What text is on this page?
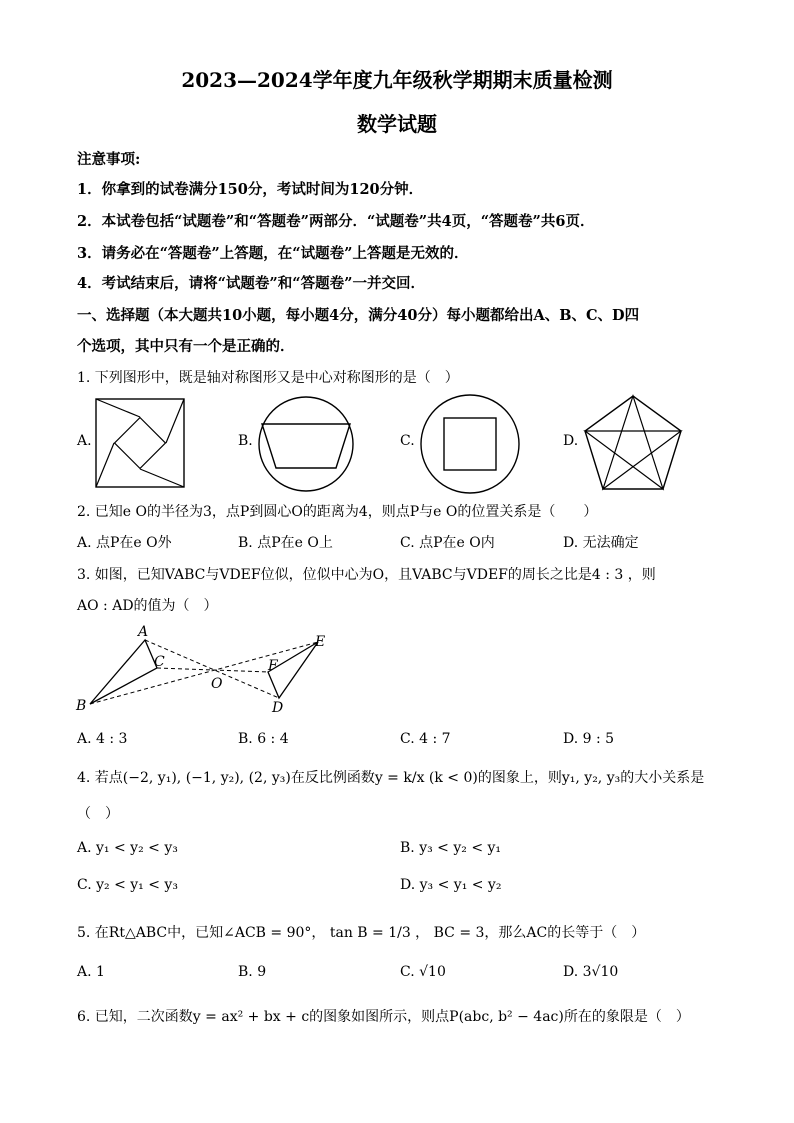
2023—2024学年度九年级秋学期期末质量检测
数学试题
注意事项:
1．你拿到的试卷满分150分，考试时间为120分钟．
2．本试卷包括“试题卷”和“答题卷”两部分．“试题卷”共4页，“答题卷”共6页．
3．请务必在“答题卷”上答题，在“试题卷”上答题是无效的．
4．考试结束后，请将“试题卷”和“答题卷”一并交回．
一、选择题（本大题共10小题，每小题4分，满分40分）每小题都给出A、B、C、D四
个选项，其中只有一个是正确的．
1. 下列图形中，既是轴对称图形又是中心对称图形的是（　）
A.	B.	C.	D.
2. 已知e O的半径为3，点P到圆心O的距离为4，则点P与e O的位置关系是（　　）
A. 点P在e O外	B. 点P在e O上	C. 点P在e O内	D. 无法确定
3. 如图，已知VABC与VDEF位似，位似中心为O，且VABC与VDEF的周长之比是4 : 3 ，则
AO : AD的值为（　）
A
B
C
O
F
E
D
A. 4 : 3	B. 6 : 4	C. 4 : 7	D. 9 : 5
4. 若点(−2, y₁), (−1, y₂), (2, y₃)在反比例函数y = k/x (k < 0)的图象上，则y₁, y₂, y₃的大小关系是
（　）
A. y₁ < y₂ < y₃	B. y₃ < y₂ < y₁
C. y₂ < y₁ < y₃	D. y₃ < y₁ < y₂
5. 在Rt△ABC中，已知∠ACB = 90°， tan B = 1/3 ， BC = 3，那么AC的长等于（　）
A. 1	B. 9	C. √10	D. 3√10
6. 已知，二次函数y = ax² + bx + c的图象如图所示，则点P(abc, b² − 4ac)所在的象限是（　）
